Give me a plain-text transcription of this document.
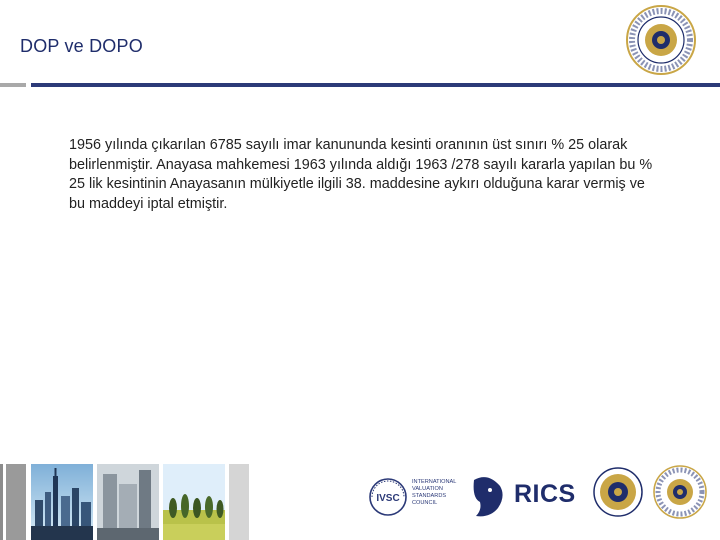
DOP ve DOPO
1956 yılında çıkarılan 6785 sayılı imar kanununda kesinti oranının üst sınırı % 25 olarak belirlenmiştir. Anayasa mahkemesi 1963 yılında aldığı 1963 /278 sayılı kararla yapılan bu % 25 lik kesintinin Anayasanın mülkiyetle ilgili 38. maddesine aykırı olduğuna karar vermiş ve bu maddeyi iptal etmiştir.
IVSC
INTERNATIONAL VALUATION STANDARDS COUNCIL	RICS
